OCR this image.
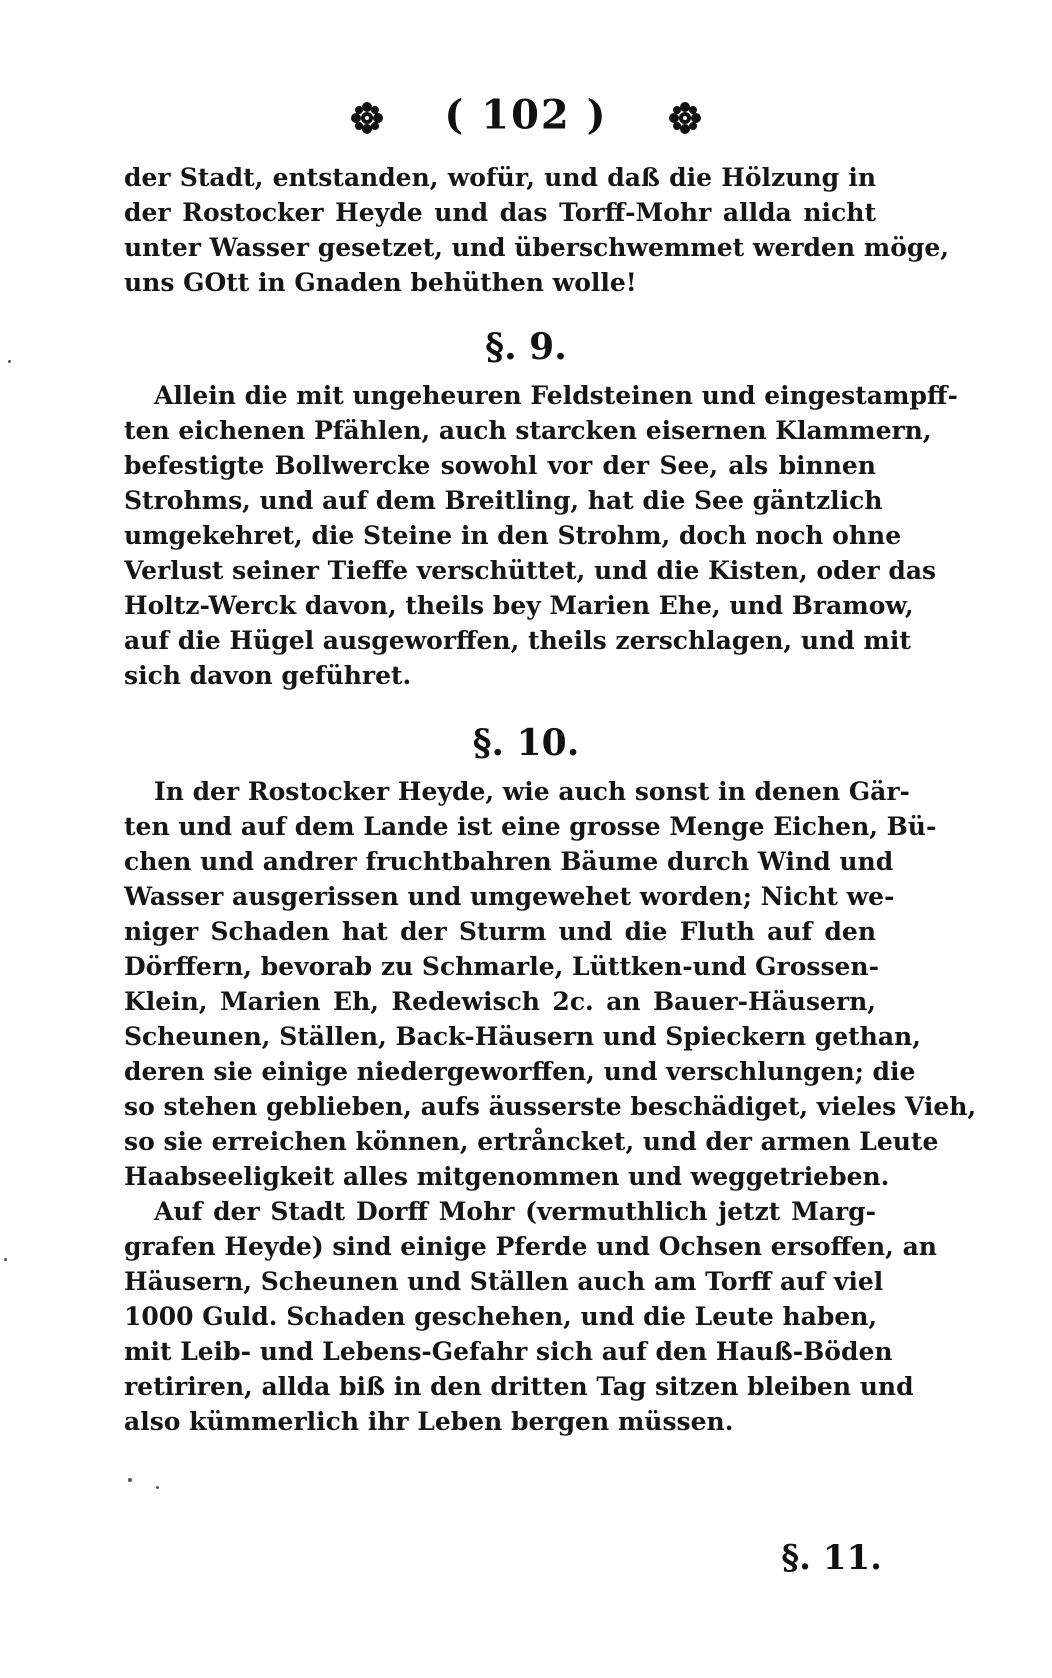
( 102 )
der Stadt, entstanden, wofür, und daß die Hölzung in
der Rostocker Heyde und das Torff-Mohr allda nicht
unter Wasser gesetzet, und überschwemmet werden möge,
uns GOtt in Gnaden behüthen wolle!
§. 9.
Allein die mit ungeheuren Feldsteinen und eingestampff-
ten eichenen Pfählen, auch starcken eisernen Klammern,
befestigte Bollwercke sowohl vor der See, als binnen
Strohms, und auf dem Breitling, hat die See gäntzlich
umgekehret, die Steine in den Strohm, doch noch ohne
Verlust seiner Tieffe verschüttet, und die Kisten, oder das
Holtz-Werck davon, theils bey Marien Ehe, und Bramow,
auf die Hügel ausgeworffen, theils zerschlagen, und mit
sich davon geführet.
§. 10.
In der Rostocker Heyde, wie auch sonst in denen Gär-
ten und auf dem Lande ist eine grosse Menge Eichen, Bü-
chen und andrer fruchtbahren Bäume durch Wind und
Wasser ausgerissen und umgewehet worden; Nicht we-
niger Schaden hat der Sturm und die Fluth auf den
Dörffern, bevorab zu Schmarle, Lüttken-und Grossen-
Klein, Marien Eh, Redewisch 2c. an Bauer-Häusern,
Scheunen, Ställen, Back-Häusern und Spieckern gethan,
deren sie einige niedergeworffen, und verschlungen; die
so stehen geblieben, aufs äusserste beschädiget, vieles Vieh,
so sie erreichen können, ertråncket, und der armen Leute
Haabseeligkeit alles mitgenommen und weggetrieben.
Auf der Stadt Dorff Mohr (vermuthlich jetzt Marg-
grafen Heyde) sind einige Pferde und Ochsen ersoffen, an
Häusern, Scheunen und Ställen auch am Torff auf viel
1000 Guld. Schaden geschehen, und die Leute haben,
mit Leib- und Lebens-Gefahr sich auf den Hauß-Böden
retiriren, allda biß in den dritten Tag sitzen bleiben und
also kümmerlich ihr Leben bergen müssen.
§. 11.
